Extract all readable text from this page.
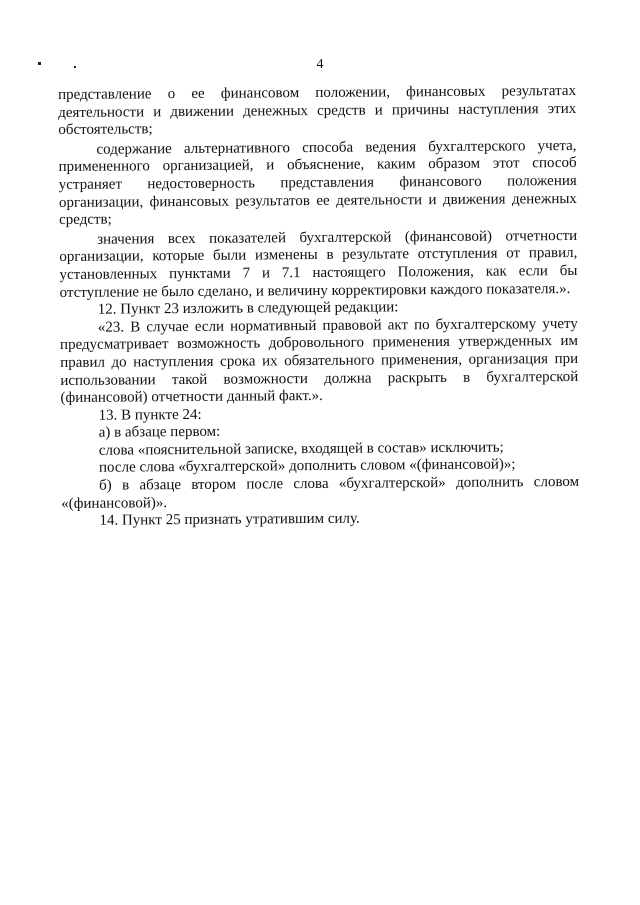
4

представление о ее финансовом положении, финансовых результатах деятельности и движении денежных средств и причины наступления этих обстоятельств;

содержание альтернативного способа ведения бухгалтерского учета, примененного организацией, и объяснение, каким образом этот способ устраняет недостоверность представления финансового положения организации, финансовых результатов ее деятельности и движения денежных средств;

значения всех показателей бухгалтерской (финансовой) отчетности организации, которые были изменены в результате отступления от правил, установленных пунктами 7 и 7.1 настоящего Положения, как если бы отступление не было сделано, и величину корректировки каждого показателя.».

12. Пункт 23 изложить в следующей редакции:

«23. В случае если нормативный правовой акт по бухгалтерскому учету предусматривает возможность добровольного применения утвержденных им правил до наступления срока их обязательного применения, организация при использовании такой возможности должна раскрыть в бухгалтерской (финансовой) отчетности данный факт.».

13. В пункте 24:

а) в абзаце первом:

слова «пояснительной записке, входящей в состав» исключить;

после слова «бухгалтерской» дополнить словом «(финансовой)»;

б) в абзаце втором после слова «бухгалтерской» дополнить словом «(финансовой)».

14. Пункт 25 признать утратившим силу.
